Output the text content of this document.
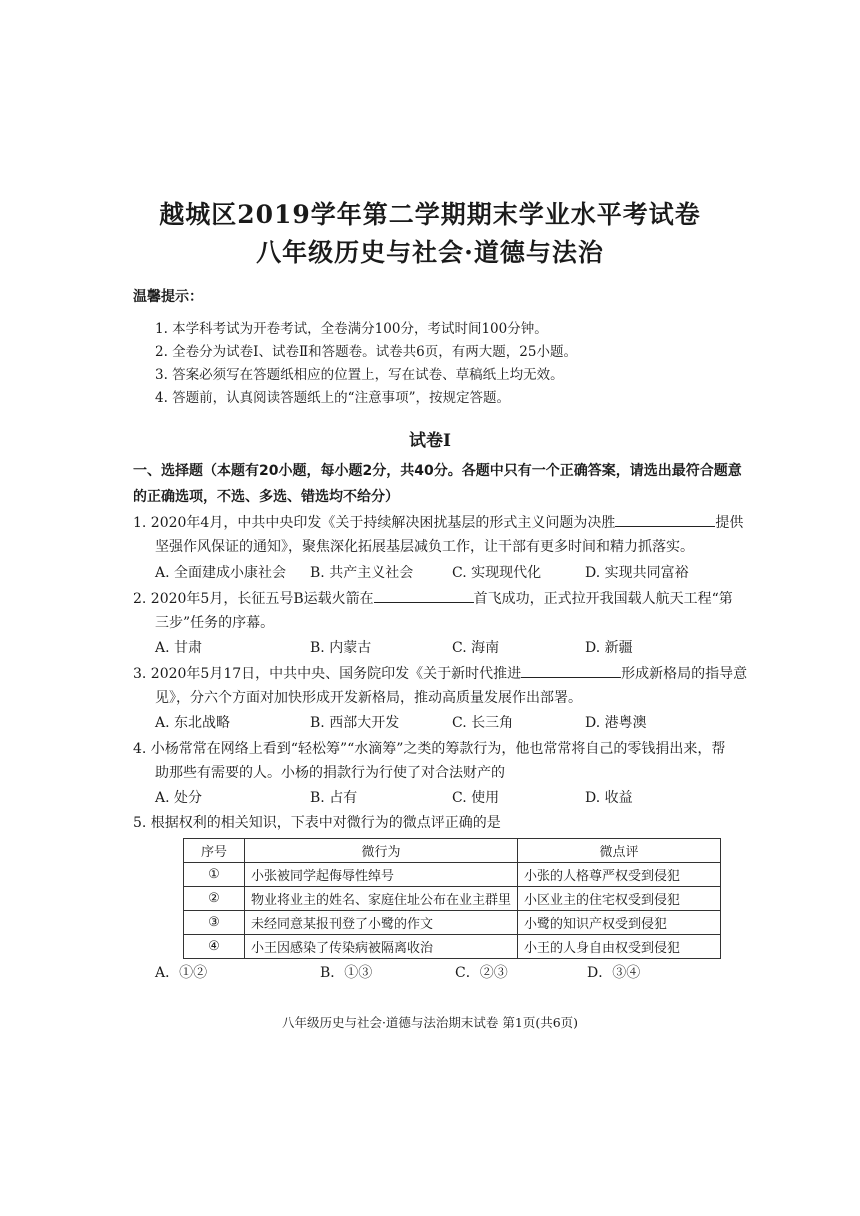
越城区2019学年第二学期期末学业水平考试卷
八年级历史与社会·道德与法治
温馨提示：
1. 本学科考试为开卷考试，全卷满分100分，考试时间100分钟。
2. 全卷分为试卷Ⅰ、试卷Ⅱ和答题卷。试卷共6页，有两大题，25小题。
3. 答案必须写在答题纸相应的位置上，写在试卷、草稿纸上均无效。
4. 答题前，认真阅读答题纸上的“注意事项”，按规定答题。
试卷Ⅰ
一、选择题（本题有20小题，每小题2分，共40分。各题中只有一个正确答案，请选出最符合题意
的正确选项，不选、多选、错选均不给分）
1. 2020年4月，中共中央印发《关于持续解决困扰基层的形式主义问题为决胜	提供
坚强作风保证的通知》，聚焦深化拓展基层减负工作，让干部有更多时间和精力抓落实。
A. 全面建成小康社会 B. 共产主义社会	C. 实现现代化	D. 实现共同富裕
2. 2020年5月，长征五号B运载火箭在	首飞成功，正式拉开我国载人航天工程“第
三步”任务的序幕。
A. 甘肃	B. 内蒙古	C. 海南	D. 新疆
3. 2020年5月17日，中共中央、国务院印发《关于新时代推进	形成新格局的指导意
见》，分六个方面对加快形成开发新格局，推动高质量发展作出部署。
A. 东北战略	B. 西部大开发	C. 长三角	D. 港粤澳
4. 小杨常常在网络上看到“轻松筹”“水滴筹”之类的筹款行为，他也常常将自己的零钱捐出来，帮
助那些有需要的人。小杨的捐款行为行使了对合法财产的
A. 处分	B. 占有	C. 使用	D. 收益
5. 根据权利的相关知识，下表中对微行为的微点评正确的是
序号	微行为	微点评
①	小张被同学起侮辱性绰号	小张的人格尊严权受到侵犯
②	物业将业主的姓名、家庭住址公布在业主群里	小区业主的住宅权受到侵犯
③	未经同意某报刊登了小鹭的作文	小鹭的知识产权受到侵犯
④	小王因感染了传染病被隔离收治	小王的人身自由权受到侵犯
A．①②	B．①③	C．②③	D．③④
八年级历史与社会·道德与法治期末试卷 第1页(共6页)
